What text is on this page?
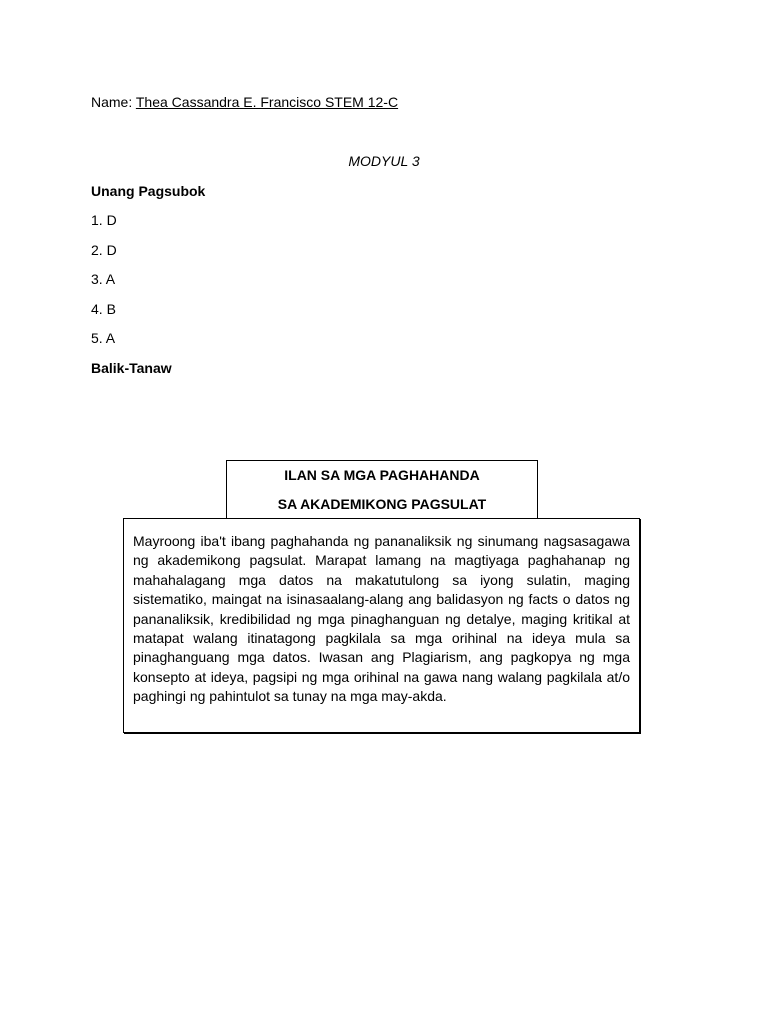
Name: Thea Cassandra E. Francisco STEM 12-C
MODYUL 3
Unang Pagsubok
1. D
2. D
3. A
4. B
5. A
Balik-Tanaw
ILAN SA MGA PAGHAHANDA
SA AKADEMIKONG PAGSULAT

Mayroong iba't ibang paghahanda ng pananaliksik ng sinumang nagsasagawa ng akademikong pagsulat. Marapat lamang na magtiyaga paghahanap ng mahahalagang mga datos na makatutulong sa iyong sulatin, maging sistematiko, maingat na isinasaalang-alang ang balidasyon ng facts o datos ng pananaliksik, kredibilidad ng mga pinaghanguan ng detalye, maging kritikal at matapat walang itinatagong pagkilala sa mga orihinal na ideya mula sa pinaghanguang mga datos. Iwasan ang Plagiarism, ang pagkopya ng mga konsepto at ideya, pagsipi ng mga orihinal na gawa nang walang pagkilala at/o paghingi ng pahintulot sa tunay na mga may-akda.
